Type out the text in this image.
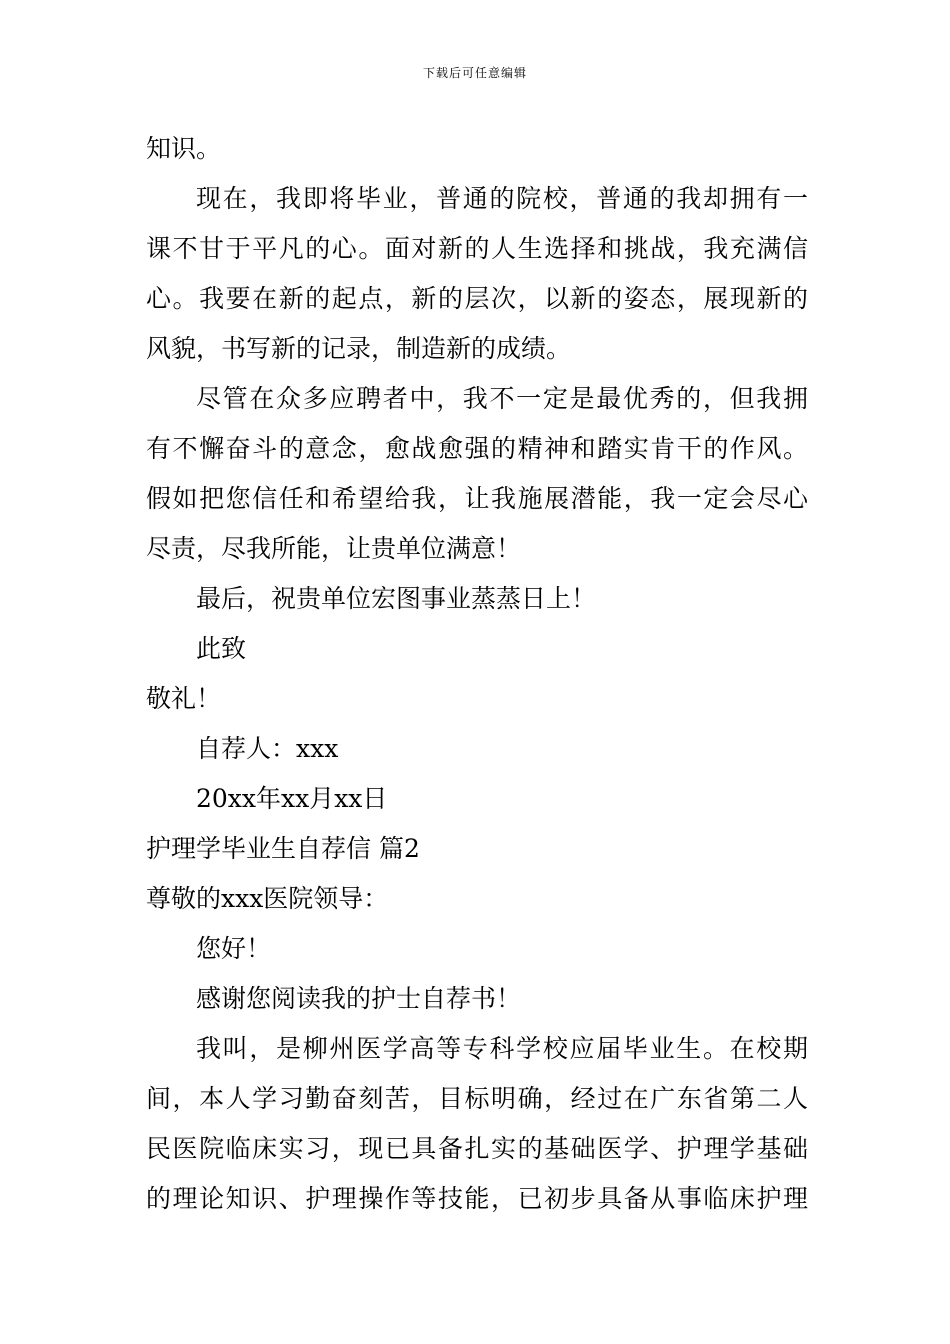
下载后可任意编辑
知识。
现在，我即将毕业，普通的院校，普通的我却拥有一
课不甘于平凡的心。面对新的人生选择和挑战，我充满信
心。我要在新的起点，新的层次，以新的姿态，展现新的
风貌，书写新的记录，制造新的成绩。
尽管在众多应聘者中，我不一定是最优秀的，但我拥
有不懈奋斗的意念，愈战愈强的精神和踏实肯干的作风。
假如把您信任和希望给我，让我施展潜能，我一定会尽心
尽责，尽我所能，让贵单位满意！
最后，祝贵单位宏图事业蒸蒸日上！
此致
敬礼！
自荐人：xxx
20xx年xx月xx日
护理学毕业生自荐信 篇2
尊敬的xxx医院领导：
您好！
感谢您阅读我的护士自荐书！
我叫，是柳州医学高等专科学校应届毕业生。在校期
间，本人学习勤奋刻苦，目标明确，经过在广东省第二人
民医院临床实习，现已具备扎实的基础医学、护理学基础
的理论知识、护理操作等技能，已初步具备从事临床护理
